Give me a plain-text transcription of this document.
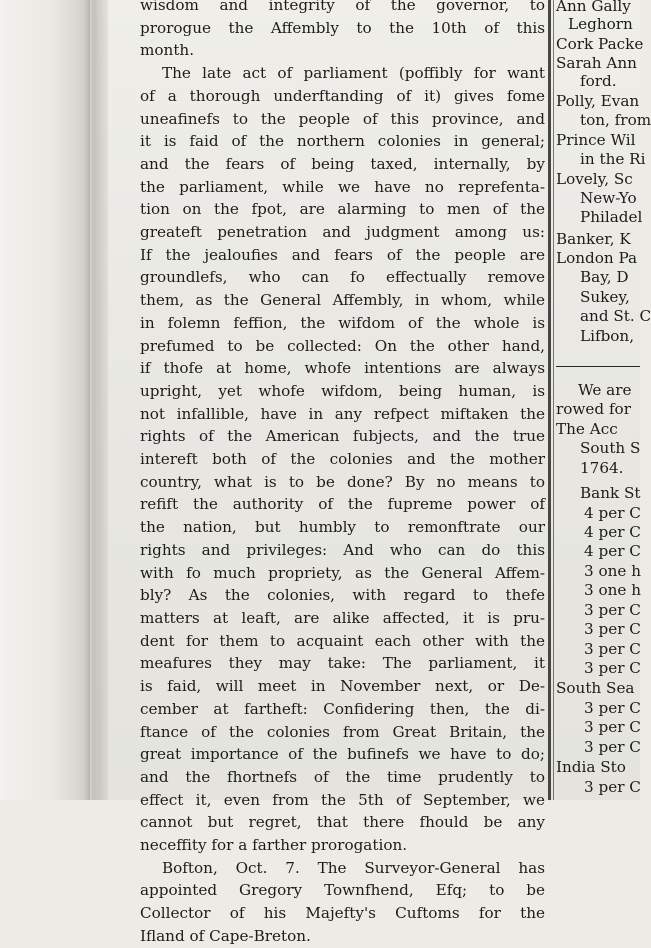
wisdom and integrity of the governor, to
prorogue the Affembly to the 10th of this
month.
The late act of parliament (poffibly for want
of a thorough underftanding of it) gives fome
uneafinefs to the people of this province, and
it is faid of the northern colonies in general;
and the fears of being taxed, internally, by
the parliament, while we have no reprefenta-
tion on the fpot, are alarming to men of the
greateft penetration and judgment among us:
If the jealoufies and fears of the people are
groundlefs, who can fo effectually remove
them, as the General Affembly, in whom, while
in folemn feffion, the wifdom of the whole is
prefumed to be collected: On the other hand,
if thofe at home, whofe intentions are always
upright, yet whofe wifdom, being human, is
not infallible, have in any refpect miftaken the
rights of the American fubjects, and the true
intereft both of the colonies and the mother
country, what is to be done? By no means to
refift the authority of the fupreme power of
the nation, but humbly to remonftrate our
rights and privileges: And who can do this
with fo much propriety, as the General Affem-
bly? As the colonies, with regard to thefe
matters at leaft, are alike affected, it is pru-
dent for them to acquaint each other with the
meafures they may take: The parliament, it
is faid, will meet in November next, or De-
cember at fartheft: Confidering then, the di-
ftance of the colonies from Great Britain, the
great importance of the bufinefs we have to do;
and the fhortnefs of the time prudently to
effect it, even from the 5th of September, we
cannot but regret, that there fhould be any
neceffity for a farther prorogation.
Bofton, Oct. 7. The Surveyor-General has
appointed Gregory Townfhend, Efq; to be
Collector of his Majefty's Cuftoms for the
Ifland of Cape-Breton.
Ann Gally
Leghorn
Cork Packe
Sarah Ann
ford.
Polly, Evan
ton, from
Prince Wil
in the Ri
Lovely, Sc
New-Yo
Philadel
Banker, K
London Pa
Bay, D
Sukey,
and St. C
Lifbon,
We are
rowed for
The Acc
South S
1764.
Bank St
4 per C
4 per C
4 per C
3 one h
3 one h
3 per C
3 per C
3 per C
3 per C
South Sea
3 per C
3 per C
3 per C
India Sto
3 per C
